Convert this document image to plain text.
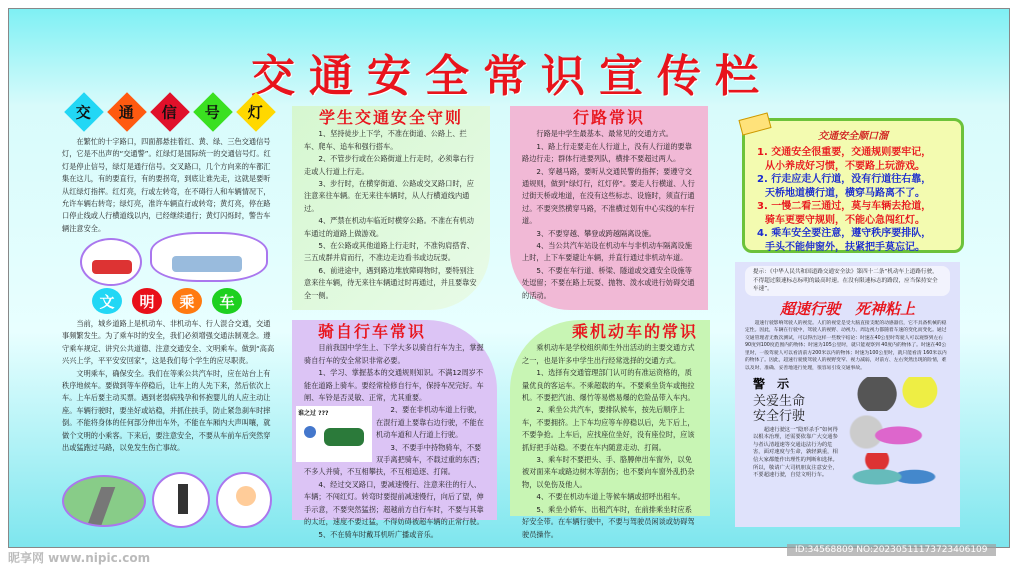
交通安全常识宣传栏
交 通 信 号 灯

在繁忙的十字路口，四面都悬挂着红、黄、绿、三色交通信号灯，它是不出声的“交通警”。红绿灯是国际统一的交通信号灯。红灯是停止信号，绿灯是通行信号。交叉路口，几个方向来的车都汇集在这儿，有的要直行，有的要拐弯，到底让谁先走，这就是要听从红绿灯指挥。红灯亮，行或左转弯，在不碍行人和车辆情况下，允许车辆右转弯；绿灯亮，准许车辆直行或转弯；黄灯亮，停在路口停止线或人行横道线以内，已经继续通行；黄灯闪烁时，警告车辆注意安全。

文	明	乘	车

当前，城乡道路上是机动车、非机动车、行人混合交通，交通事频繁发生。为了乘车时的安全，我们必须增强交通法制观念。遵守乘车规定、讲究公共道德、注意交通安全、文明乘车。做到“高高兴兴上学，平平安安回家”，这是我们每个学生的应尽职责。

文明乘车，确保安全。我们在等乘公共汽车时，应在站台上有秩序地候车。要做到等车停稳后，让车上的人先下来，然后依次上车。上车后要主动买票。遇到老弱病残孕和怀抱婴儿的人应主动让座。车辆行驶时，要坐好或站稳，并抓住扶手，防止紧急刹车时摔倒。不能将身体的任何部分伸出车外，不能在车厢内大声叫嚷，就做个文明的小乘客。下来后，要注意安全，不要从车前车后突然穿出或猛跑过马路，以免发生伤亡事故。

学生交通安全守则

1、坚持徒步上下学，不准在街道、公路上、拦车、爬车、追车和强行搭车。

2、不管步行或在公路街道上行走时，必须靠右行走或人行道上行走。

3、步行时，在横穿街道、公路或交叉路口时，应注意来往车辆。在无来往车辆时，从人行横道线内通过。

4、严禁在机动车临近时横穿公路。不准在有机动车通过的道路上做游戏。

5、在公路或其他道路上行走时，不准钩肩搭背、三五成群并肩而行，不准边走边看书或边玩耍。

6、前进途中，遇到路边堆放障碍物时，要特别注意来往车辆，待无来往车辆通过时再通过，并且要靠安全一侧。

骑自行车常识

目前我国中学生上、下学大多以骑自行车为主，掌握骑自行车的安全常识非常必要。

1、学习、掌握基本的交通规则知识。不满12周岁不能在道路上骑车。要经常检修自行车，保持车况完好。车闸、车铃是否灵敏、正常，尤其重要。

谁之过 ???	2、要在非机动车道上行驶，在混行道上要靠右边行驶，不能在机动车道和人行道上行驶。

3、不要手中持物骑车，不要双手离把骑车，不载过重的东西；不多人并骑，不互相攀扶，不互相追逐、打闹。

4、经过交叉路口，要减速慢行、注意来往的行人、车辆；不闯红灯。转弯时要提前减速慢行，向后了望，伸手示意，不要突然猛拐；超越前方自行车时，不要与其靠的太近，速度不要过猛，不得妨碍被超车辆的正常行驶。

5、不在骑车时戴耳机听广播或音乐。

行路常识

行路是中学生最基本、最常见的交通方式。

1、路上行走要走在人行道上，没有人行道的要靠路边行走；群体行进要列队，横排不要超过两人。

2、穿越马路，要听从交通民警的指挥；要遵守交通规则，做到“绿灯行，红灯停”。要走人行横道、人行过街天桥或地道，在没有这些标志、设施时，须直行通过。不要突然横穿马路，不准横过划有中心实线的车行道。

3、不要穿越、攀登或跨越隔离设施。

4、当公共汽车站设在机动车与非机动车隔离设施上时，上下车要避让车辆，并直行通过非机动车道。

5、不要在车行道、桥梁、隧道或交通安全设施等处逗留；不要在路上玩耍、抛物、泼水或进行妨碍交通的活动。

乘机动车的常识

乘机动车是学校组织师生外出活动的主要交通方式之一，也是许多中学生出行经常选择的交通方式。

1、选择有交通管理部门认可的有准运资格的，质量优良的客运车。不乘超载的车。不要乘坐货车或拖拉机。不要把汽油、爆竹等易燃易爆的危险品带入车内。

2、乘坐公共汽车，要排队候车，按先后顺序上车，不要拥挤。上下车均应等车停稳以后，先下后上，不要争抢。上车后，应找座位坐好，没有座位时，应该抓好把手站稳。不要在车内随意走动、打闹。

3、乘车时不要把头、手、胳膊伸出车窗外，以免被对面来车或路边树木等刮伤；也不要向车窗外乱扔杂物，以免伤及他人。

4、不要在机动车道上等候车辆或招呼出租车。

5、乘坐小轿车、出租汽车时，在前排乘坐时应系好安全带。在车辆行驶中，不要与驾驶员闲谈或妨碍驾驶员操作。

交通安全顺口溜
1. 交通安全很重要，交通规则要牢记，
从小养成好习惯，不要路上玩游戏。
2. 行走应走人行道，没有行道往右靠，
天桥地道横行道，横穿马路离不了。
3. 一慢二看三通过，莫与车辆去抢道，
骑车更要守规则，不能心急闯红灯。
4. 乘车安全要注意，遵守秩序要排队，
手头不能伸窗外，扶紧把手莫忘记。
提示：《中华人民共和国道路交通安全法》第四十二条“机动车上道路行驶，不得超过限速标志标明的最高时速。在没有限速标志的路段，应当保持安全车速”。
超速行驶　死神粘上
超速行驶影响驾驶人的视觉。人们的视觉是受大脑直接支配的动感器官，它不具备机械的稳定性。因此，车辆在行驶中，驾驶人的视野、动视力、周边视力都随着车速的变化而变化。通过交通管理者无数次测试，可以得出这样一些数字结论：时速在40公里时驾驶人可以观察到左右 90度到100度范围内的物体；时速为105公里时，就只能观察到 40度内的物体了。时速在40公里时，一般驾驶人可以看清前方200米以内的物体；时速为100公里时，就只能看清 160米以内的物体了。因此，超速行驶使驾驶人的视野变窄、视力减弱，对前方、左右突然出现的险情，难以及时、准确、妥善地进行处理，很容易引发交通事故。
警 示
关爱生命
安全行驶
超速行驶这一“隐形杀手”如何得以根本治理，还需要依靠广大交通参与者认清超速等交通违法行为的危害，面对速度与生命，孰轻孰重，相信大家都能作出理性的判断和选择。所以，敬请广大司机朋友注意安全，不要超速行驶，自觉文明行车。
昵享网 www.nipic.com
ID:34568809 NO:20230511173723406109
